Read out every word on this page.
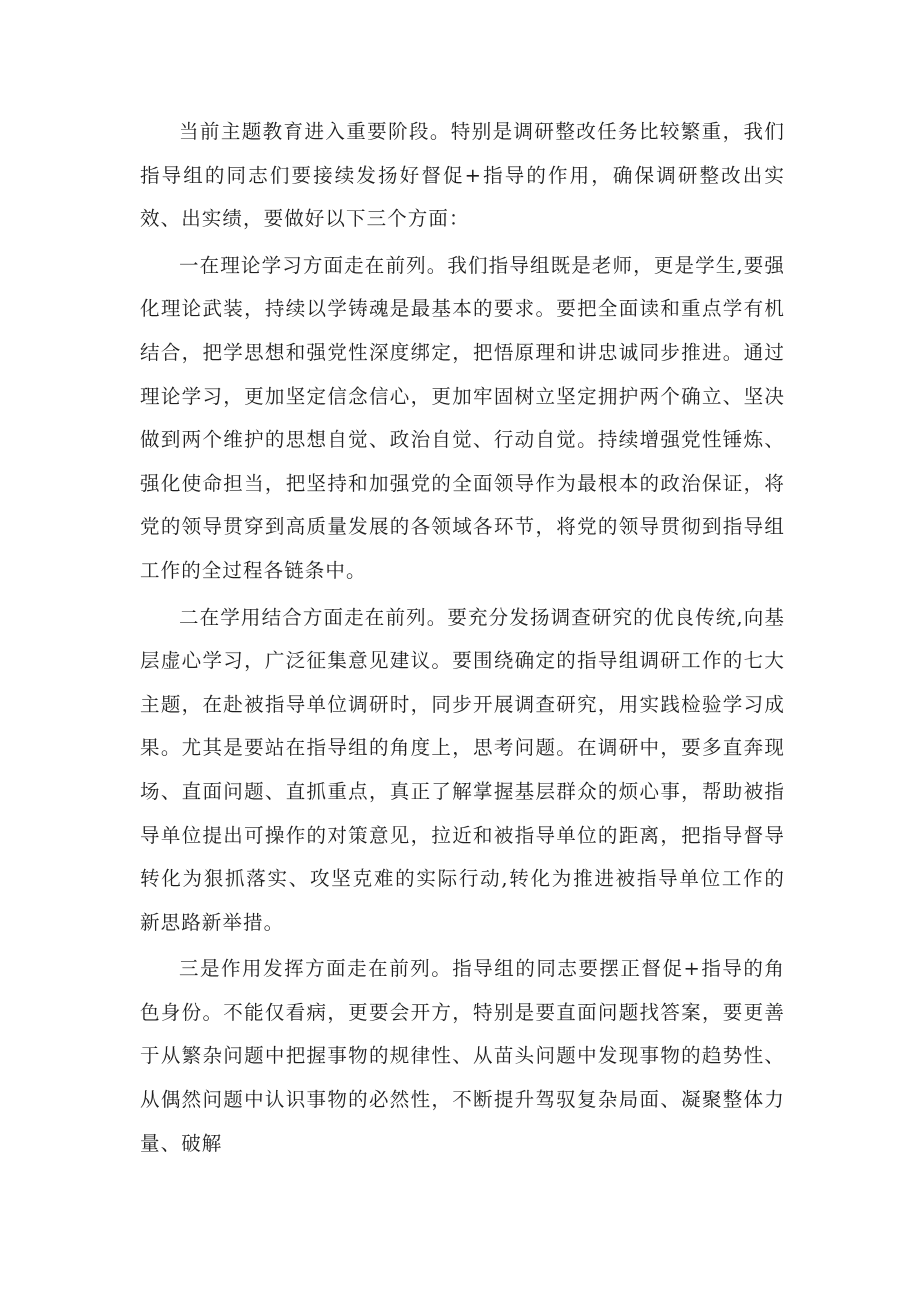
当前主题教育进入重要阶段。特别是调研整改任务比较繁重，我们指导组的同志们要接续发扬好督促+指导的作用，确保调研整改出实效、出实绩，要做好以下三个方面：

一在理论学习方面走在前列。我们指导组既是老师，更是学生,要强化理论武装，持续以学铸魂是最基本的要求。要把全面读和重点学有机结合，把学思想和强党性深度绑定，把悟原理和讲忠诚同步推进。通过理论学习，更加坚定信念信心，更加牢固树立坚定拥护两个确立、坚决做到两个维护的思想自觉、政治自觉、行动自觉。持续增强党性锤炼、强化使命担当，把坚持和加强党的全面领导作为最根本的政治保证，将党的领导贯穿到高质量发展的各领域各环节，将党的领导贯彻到指导组工作的全过程各链条中。

二在学用结合方面走在前列。要充分发扬调查研究的优良传统,向基层虚心学习，广泛征集意见建议。要围绕确定的指导组调研工作的七大主题，在赴被指导单位调研时，同步开展调查研究，用实践检验学习成果。尤其是要站在指导组的角度上，思考问题。在调研中，要多直奔现场、直面问题、直抓重点，真正了解掌握基层群众的烦心事，帮助被指导单位提出可操作的对策意见，拉近和被指导单位的距离，把指导督导转化为狠抓落实、攻坚克难的实际行动,转化为推进被指导单位工作的新思路新举措。

三是作用发挥方面走在前列。指导组的同志要摆正督促+指导的角色身份。不能仅看病，更要会开方，特别是要直面问题找答案，要更善于从繁杂问题中把握事物的规律性、从苗头问题中发现事物的趋势性、从偶然问题中认识事物的必然性，不断提升驾驭复杂局面、凝聚整体力量、破解
